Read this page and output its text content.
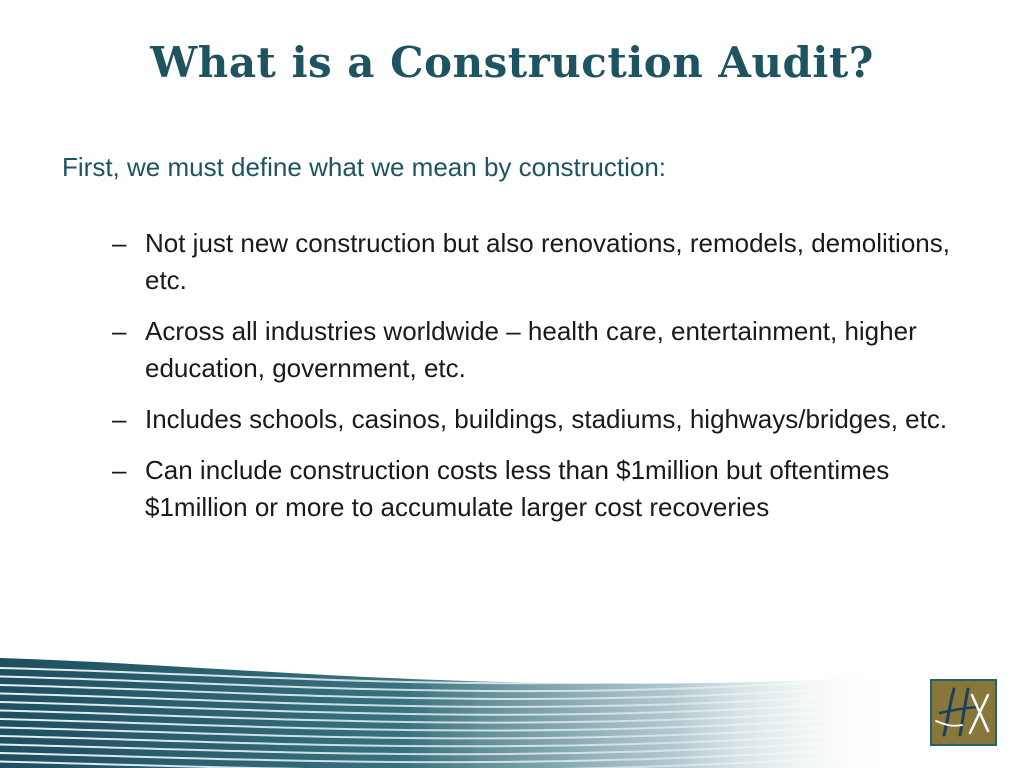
What is a Construction Audit?

First, we must define what we mean by construction:

– Not just new construction but also renovations, remodels, demolitions, etc.
– Across all industries worldwide – health care, entertainment, higher education, government, etc.
– Includes schools, casinos, buildings, stadiums, highways/bridges, etc.
– Can include construction costs less than $1million but oftentimes $1million or more to accumulate larger cost recoveries
